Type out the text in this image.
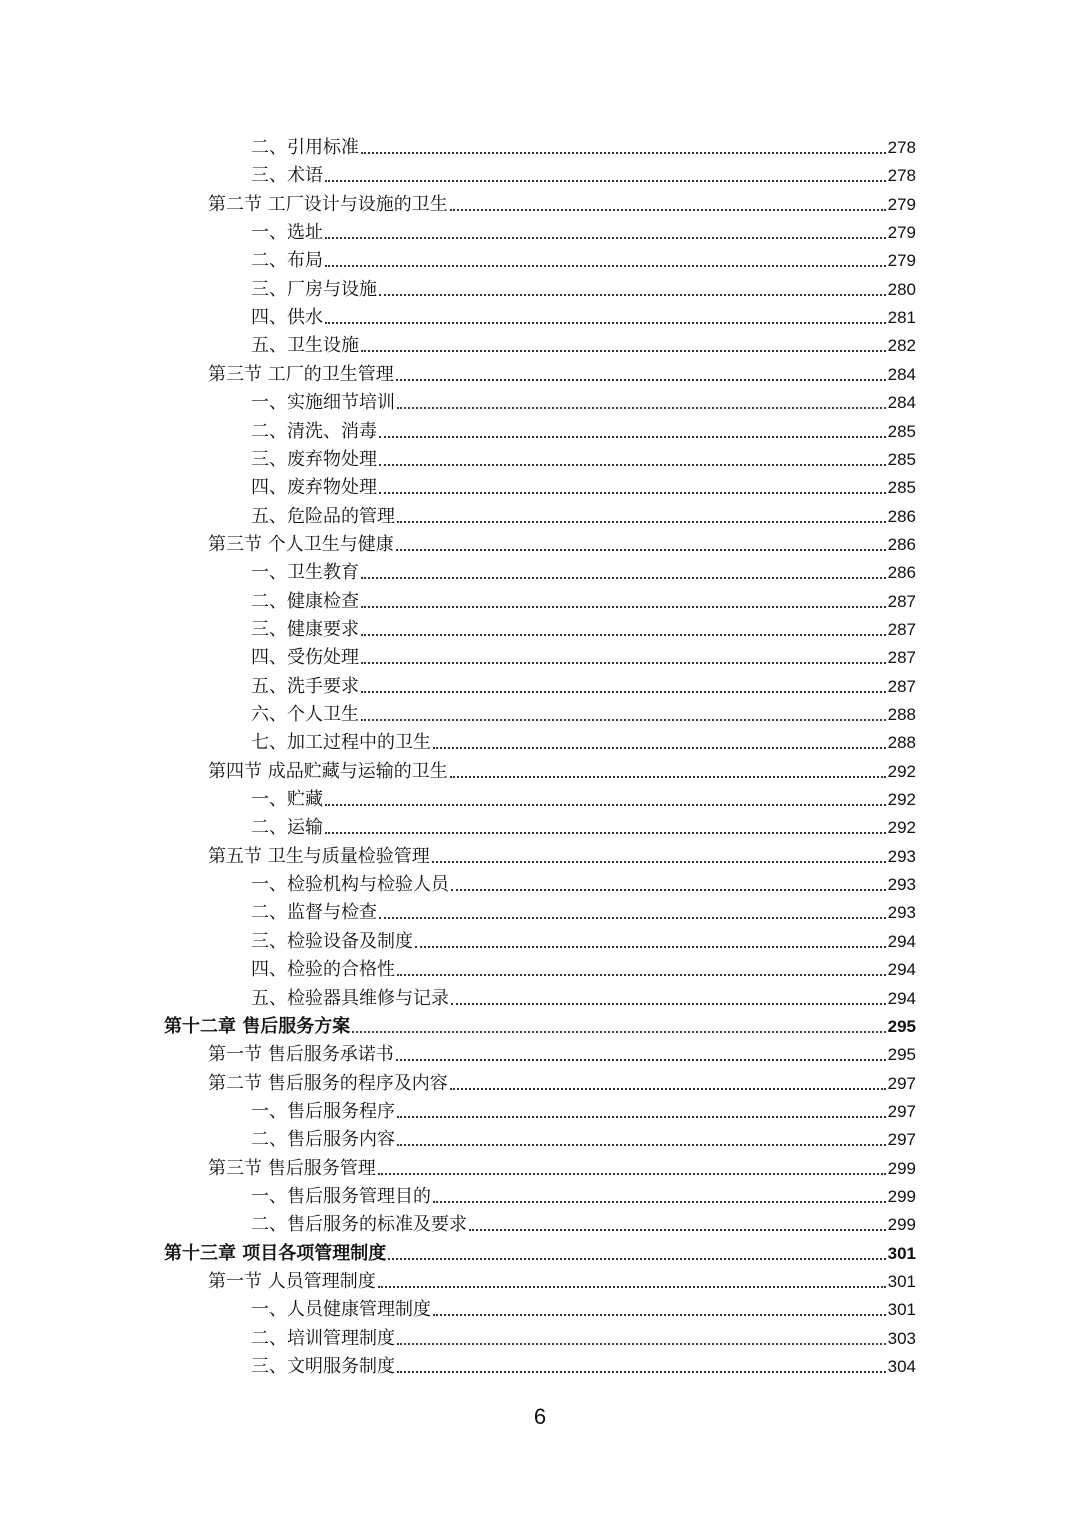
二、引用标准	278
三、术语	278
第二节 工厂设计与设施的卫生	279
一、选址	279
二、布局	279
三、厂房与设施	280
四、供水	281
五、卫生设施	282
第三节 工厂的卫生管理	284
一、实施细节培训	284
二、清洗、消毒	285
三、废弃物处理	285
四、废弃物处理	285
五、危险品的管理	286
第三节 个人卫生与健康	286
一、卫生教育	286
二、健康检查	287
三、健康要求	287
四、受伤处理	287
五、洗手要求	287
六、个人卫生	288
七、加工过程中的卫生	288
第四节 成品贮藏与运输的卫生	292
一、贮藏	292
二、运输	292
第五节 卫生与质量检验管理	293
一、检验机构与检验人员	293
二、监督与检查	293
三、检验设备及制度	294
四、检验的合格性	294
五、检验器具维修与记录	294
第十二章 售后服务方案	295
第一节 售后服务承诺书	295
第二节 售后服务的程序及内容	297
一、售后服务程序	297
二、售后服务内容	297
第三节 售后服务管理	299
一、售后服务管理目的	299
二、售后服务的标准及要求	299
第十三章 项目各项管理制度	301
第一节 人员管理制度	301
一、人员健康管理制度	301
二、培训管理制度	303
三、文明服务制度	304
6
